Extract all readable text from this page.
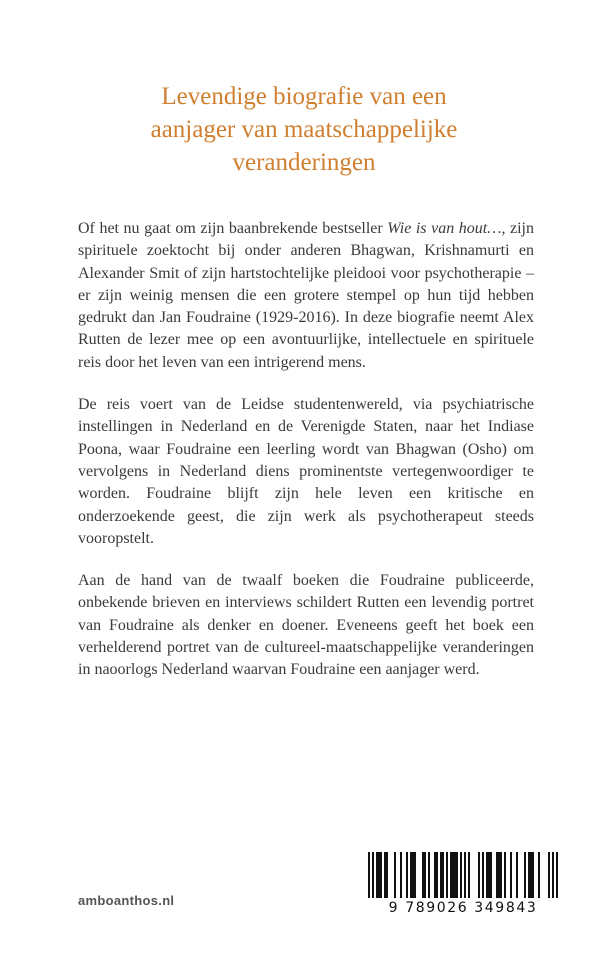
Levendige biografie van een
aanjager van maatschappelijke
veranderingen

Of het nu gaat om zijn baanbrekende bestseller Wie is van hout…, zijn spirituele zoektocht bij onder anderen Bhagwan, Krishnamurti en Alexander Smit of zijn hartstochtelijke pleidooi voor psychotherapie – er zijn weinig mensen die een grotere stempel op hun tijd hebben gedrukt dan Jan Foudraine (1929-2016). In deze biografie neemt Alex Rutten de lezer mee op een avontuurlijke, intellectuele en spirituele reis door het leven van een intrigerend mens.

De reis voert van de Leidse studentenwereld, via psychiatrische instellingen in Nederland en de Verenigde Staten, naar het Indiase Poona, waar Foudraine een leerling wordt van Bhagwan (Osho) om vervolgens in Nederland diens prominentste vertegenwoordiger te worden. Foudraine blijft zijn hele leven een kritische en onderzoekende geest, die zijn werk als psychotherapeut steeds vooropstelt.

Aan de hand van de twaalf boeken die Foudraine publiceerde, onbekende brieven en interviews schildert Rutten een levendig portret van Foudraine als denker en doener. Eveneens geeft het boek een verhelderend portret van de cultureel-maatschappelijke veranderingen in naoorlogs Nederland waarvan Foudraine een aanjager werd.

amboanthos.nl	9 789026 349843
